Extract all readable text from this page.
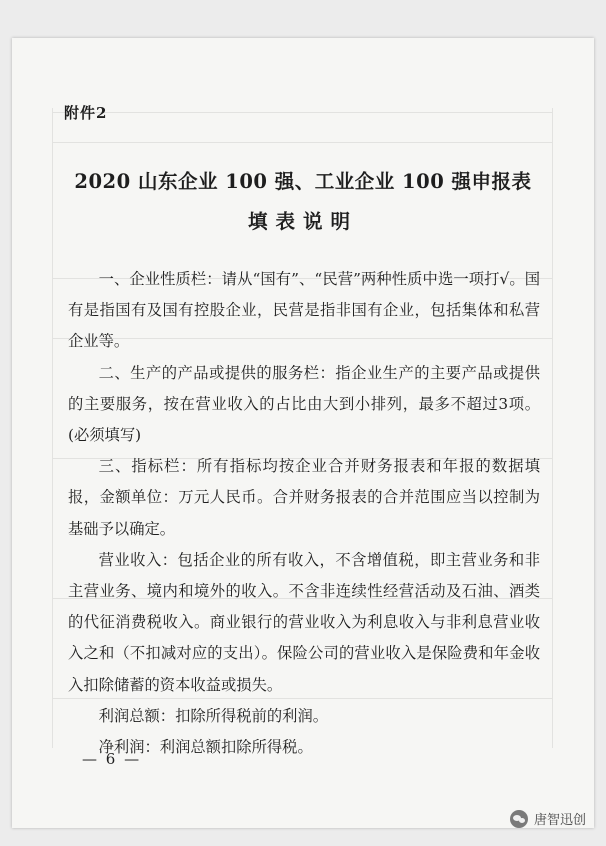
附件2
2020 山东企业 100 强、工业企业 100 强申报表
填表说明

一、企业性质栏：请从“国有”、“民营”两种性质中选一项打√。国有是指国有及国有控股企业，民营是指非国有企业，包括集体和私营企业等。

二、生产的产品或提供的服务栏：指企业生产的主要产品或提供的主要服务，按在营业收入的占比由大到小排列，最多不超过3项。(必须填写)

三、指标栏：所有指标均按企业合并财务报表和年报的数据填报，金额单位：万元人民币。合并财务报表的合并范围应当以控制为基础予以确定。

营业收入：包括企业的所有收入，不含增值税，即主营业务和非主营业务、境内和境外的收入。不含非连续性经营活动及石油、酒类的代征消费税收入。商业银行的营业收入为利息收入与非利息营业收入之和（不扣减对应的支出）。保险公司的营业收入是保险费和年金收入扣除储蓄的资本收益或损失。

利润总额：扣除所得税前的利润。

净利润：利润总额扣除所得税。

— 6 —
唐智迅创
